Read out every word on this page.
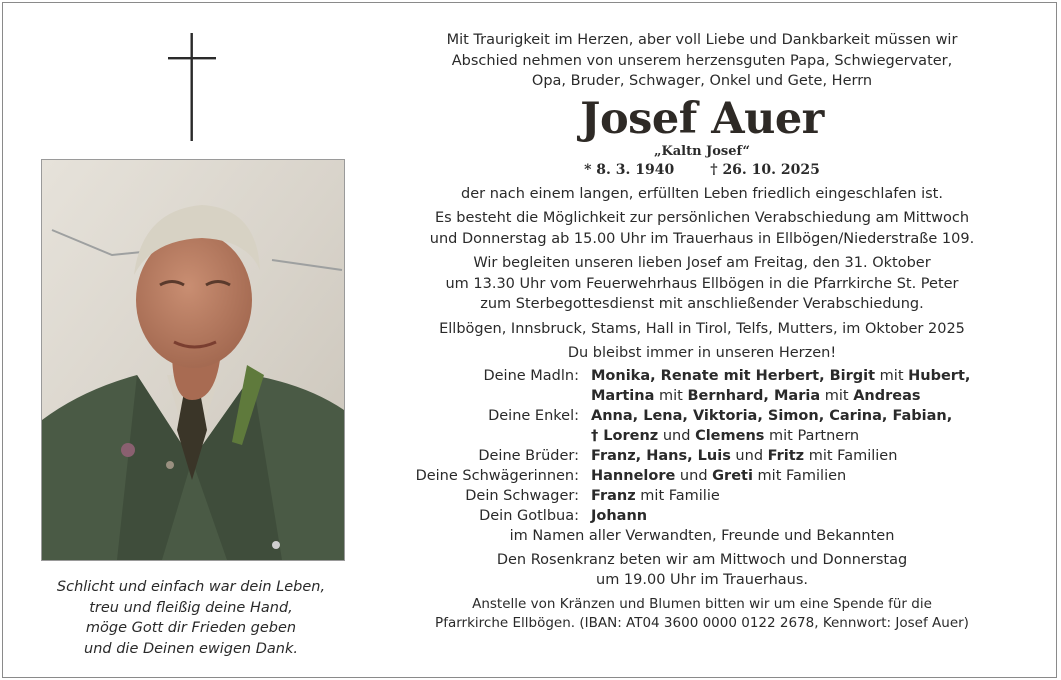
Schlicht und einfach war dein Leben,
treu und fleißig deine Hand,
möge Gott dir Frieden geben
und die Deinen ewigen Dank.
Mit Traurigkeit im Herzen, aber voll Liebe und Dankbarkeit müssen wir
Abschied nehmen von unserem herzensguten Papa, Schwiegervater,
Opa, Bruder, Schwager, Onkel und Gete, Herrn
Josef Auer
„Kaltn Josef“
* 8. 3. 1940	† 26. 10. 2025
der nach einem langen, erfüllten Leben friedlich eingeschlafen ist.
Es besteht die Möglichkeit zur persönlichen Verabschiedung am Mittwoch
und Donnerstag ab 15.00 Uhr im Trauerhaus in Ellbögen/Niederstraße 109.
Wir begleiten unseren lieben Josef am Freitag, den 31. Oktober
um 13.30 Uhr vom Feuerwehrhaus Ellbögen in die Pfarrkirche St. Peter
zum Sterbegottesdienst mit anschließender Verabschiedung.
Ellbögen, Innsbruck, Stams, Hall in Tirol, Telfs, Mutters, im Oktober 2025
Du bleibst immer in unseren Herzen!
Deine Madln: Monika, Renate mit Herbert, Birgit mit Hubert,
Martina mit Bernhard, Maria mit Andreas
Deine Enkel: Anna, Lena, Viktoria, Simon, Carina, Fabian,
† Lorenz und Clemens mit Partnern
Deine Brüder: Franz, Hans, Luis und Fritz mit Familien
Deine Schwägerinnen: Hannelore und Greti mit Familien
Dein Schwager: Franz mit Familie
Dein Gotlbua: Johann
im Namen aller Verwandten, Freunde und Bekannten
Den Rosenkranz beten wir am Mittwoch und Donnerstag
um 19.00 Uhr im Trauerhaus.
Anstelle von Kränzen und Blumen bitten wir um eine Spende für die
Pfarrkirche Ellbögen. (IBAN: AT04 3600 0000 0122 2678, Kennwort: Josef Auer)
